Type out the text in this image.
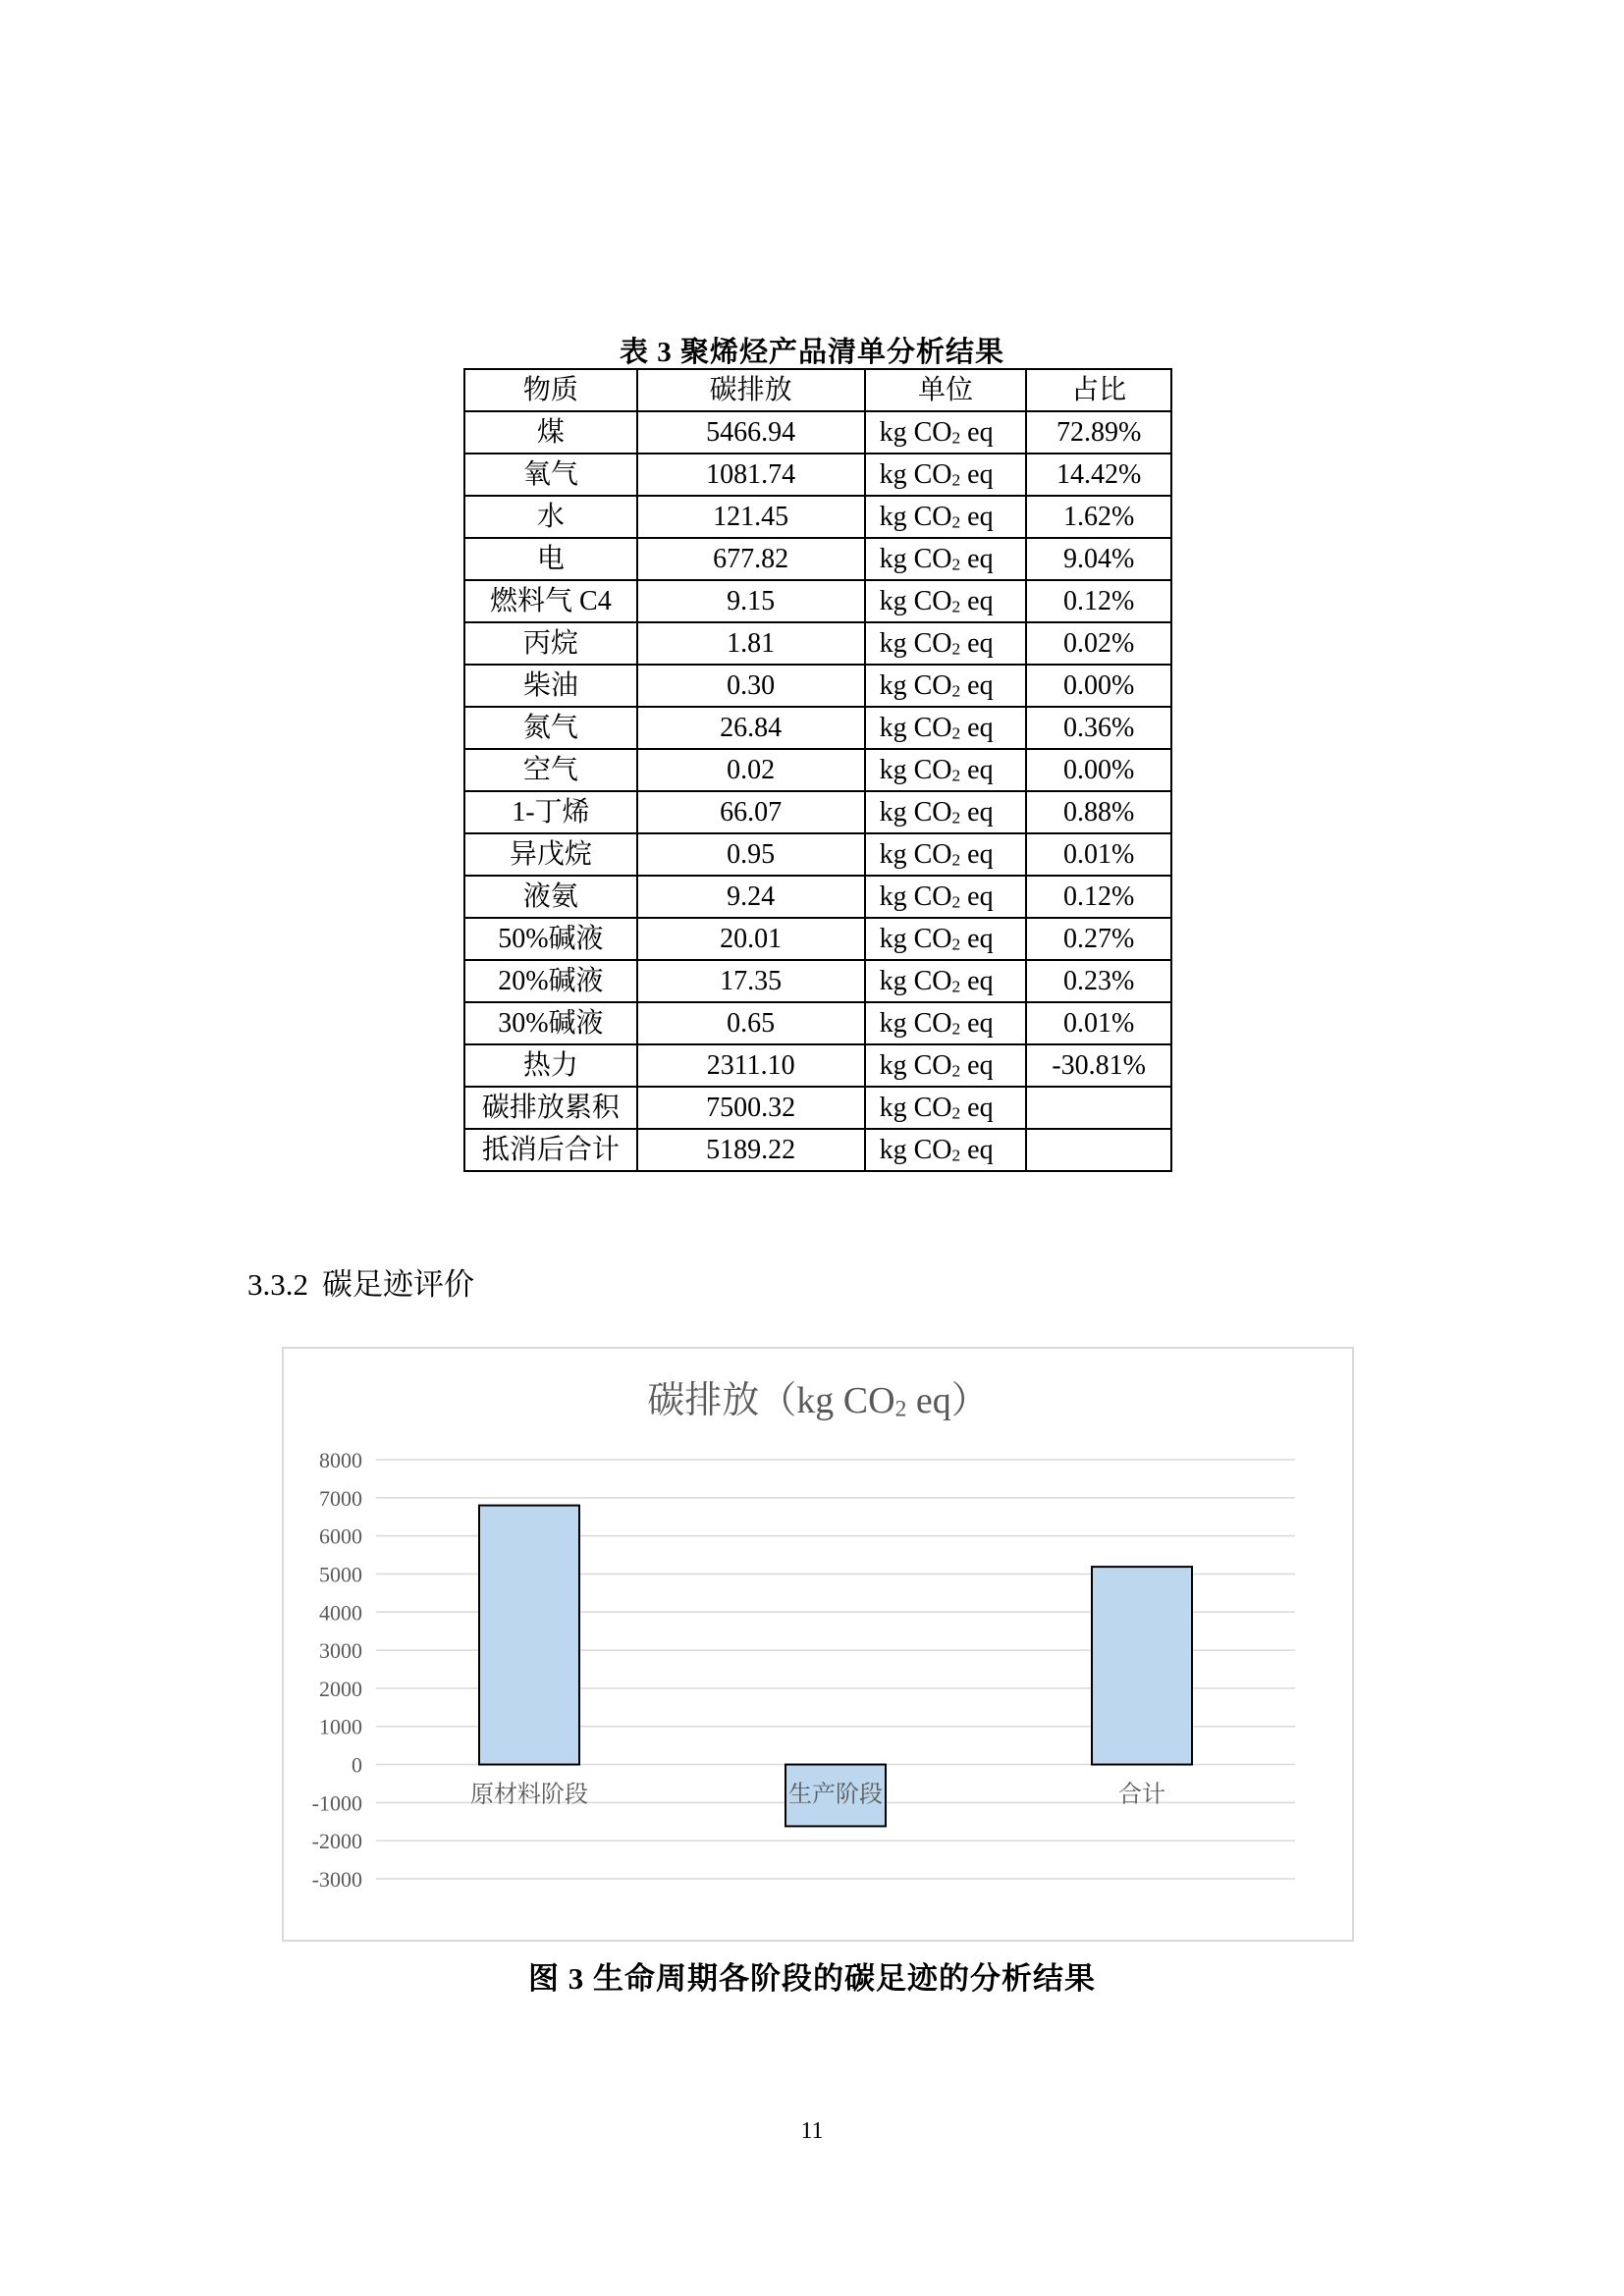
表 3 聚烯烃产品清单分析结果
物质	碳排放	单位	占比
煤	5466.94	kg $CO_2$ eq	72.89%
氧气	1081.74	kg $CO_2$ eq	14.42%
水	121.45	kg $CO_2$ eq	1.62%
电	677.82	kg $CO_2$ eq	9.04%
燃料气 C4	9.15	kg $CO_2$ eq	0.12%
丙烷	1.81	kg $CO_2$ eq	0.02%
柴油	0.30	kg $CO_2$ eq	0.00%
氮气	26.84	kg $CO_2$ eq	0.36%
空气	0.02	kg $CO_2$ eq	0.00%
1-丁烯	66.07	kg $CO_2$ eq	0.88%
异戊烷	0.95	kg $CO_2$ eq	0.01%
液氨	9.24	kg $CO_2$ eq	0.12%
50%碱液	20.01	kg $CO_2$ eq	0.27%
20%碱液	17.35	kg $CO_2$ eq	0.23%
30%碱液	0.65	kg $CO_2$ eq	0.01%
热力	2311.10	kg $CO_2$ eq	-30.81%
碳排放累积	7500.32	kg $CO_2$ eq	
抵消后合计	5189.22	kg $CO_2$ eq	
3.3.2 碳足迹评价
8000
7000
6000
5000
4000
3000
2000
1000
0
-1000
-2000
-3000
原材料阶段	生产阶段	合计
碳排放（kg $CO_2$ eq）
图 3 生命周期各阶段的碳足迹的分析结果
11
